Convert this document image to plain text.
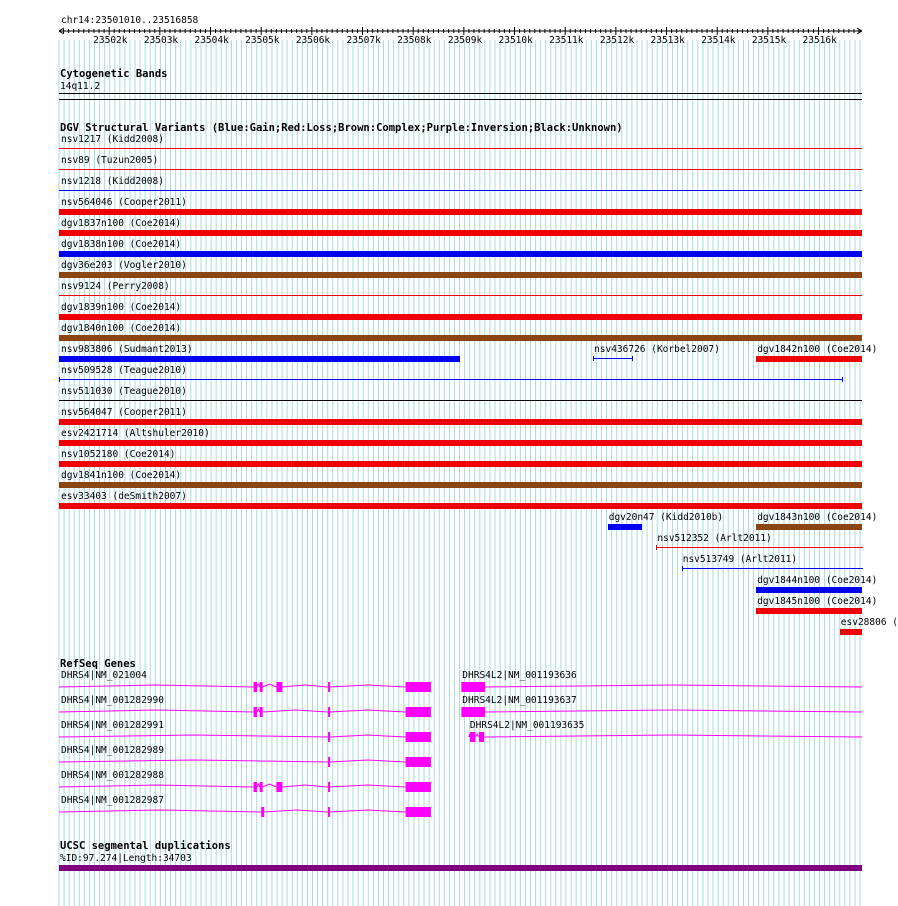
chr14:23501010..23516858
23502k 23503k 23504k 23505k 23506k 23507k 23508k 23509k 23510k 23511k 23512k 23513k 23514k 23515k 23516k
Cytogenetic Bands
14q11.2
DGV Structural Variants (Blue:Gain;Red:Loss;Brown:Complex;Purple:Inversion;Black:Unknown)
nsv1217 (Kidd2008)
nsv89 (Tuzun2005)
nsv1218 (Kidd2008)
nsv564046 (Cooper2011)
dgv1837n100 (Coe2014)
dgv1838n100 (Coe2014)
dgv36e203 (Vogler2010)
nsv9124 (Perry2008)
dgv1839n100 (Coe2014)
dgv1840n100 (Coe2014)
nsv983806 (Sudmant2013)	nsv436726 (Korbel2007)	dgv1842n100 (Coe2014)
nsv509528 (Teague2010)
nsv511030 (Teague2010)
nsv564047 (Cooper2011)
esv2421714 (Altshuler2010)
nsv1052180 (Coe2014)
dgv1841n100 (Coe2014)
esv33403 (deSmith2007)
dgv20n47 (Kidd2010b)	dgv1843n100 (Coe2014)
nsv512352 (Arlt2011)
nsv513749 (Arlt2011)
dgv1844n100 (Coe2014)
dgv1845n100 (Coe2014)
esv28806 (
RefSeq Genes
DHRS4|NM_021004	DHRS4L2|NM_001193636
DHRS4|NM_001282990	DHRS4L2|NM_001193637
DHRS4|NM_001282991	DHRS4L2|NM_001193635
DHRS4|NM_001282989
DHRS4|NM_001282988
DHRS4|NM_001282987
UCSC segmental duplications
%ID:97.274|Length:34703
